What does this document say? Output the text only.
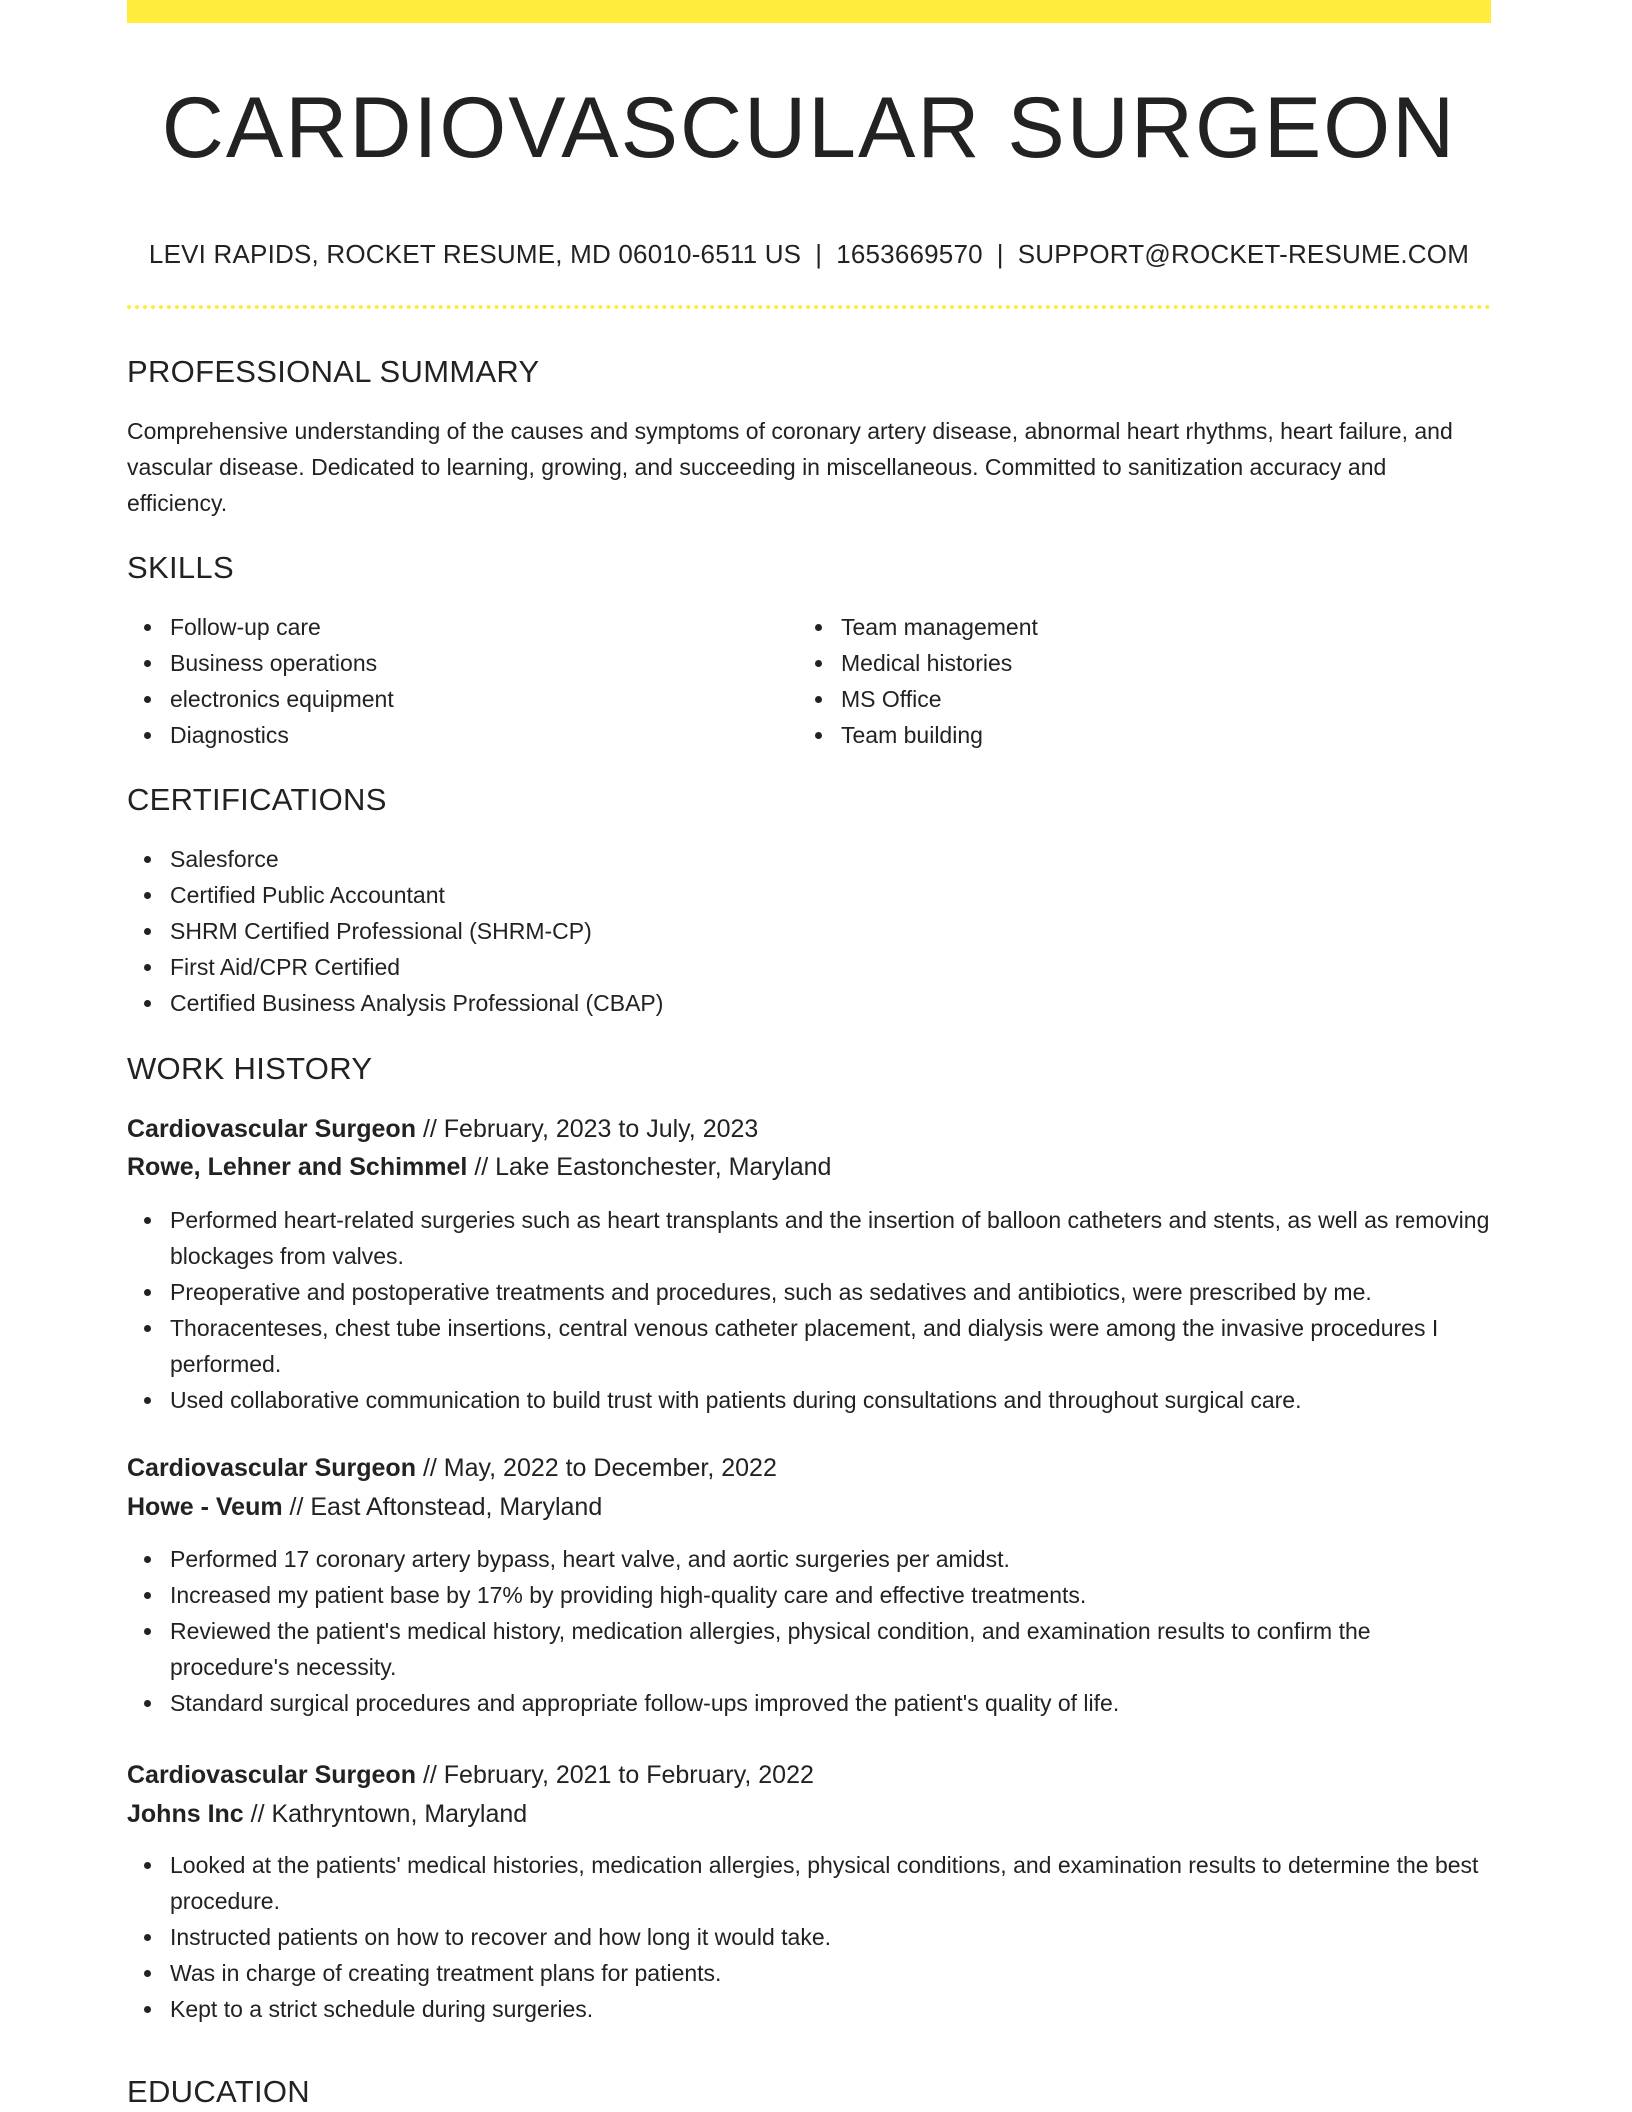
CARDIOVASCULAR SURGEON
LEVI RAPIDS, ROCKET RESUME, MD 06010-6511 US | 1653669570 | SUPPORT@ROCKET-RESUME.COM
PROFESSIONAL SUMMARY

Comprehensive understanding of the causes and symptoms of coronary artery disease, abnormal heart rhythms, heart failure, and vascular disease. Dedicated to learning, growing, and succeeding in miscellaneous. Committed to sanitization accuracy and efficiency.

SKILLS
Follow-up care
Business operations
electronics equipment
Diagnostics
Team management
Medical histories
MS Office
Team building
CERTIFICATIONS
Salesforce
Certified Public Accountant
SHRM Certified Professional (SHRM-CP)
First Aid/CPR Certified
Certified Business Analysis Professional (CBAP)
WORK HISTORY
Cardiovascular Surgeon // February, 2023 to July, 2023
Rowe, Lehner and Schimmel // Lake Eastonchester, Maryland
Performed heart-related surgeries such as heart transplants and the insertion of balloon catheters and stents, as well as removing blockages from valves.
Preoperative and postoperative treatments and procedures, such as sedatives and antibiotics, were prescribed by me.
Thoracenteses, chest tube insertions, central venous catheter placement, and dialysis were among the invasive procedures I performed.
Used collaborative communication to build trust with patients during consultations and throughout surgical care.
Cardiovascular Surgeon // May, 2022 to December, 2022
Howe - Veum // East Aftonstead, Maryland
Performed 17 coronary artery bypass, heart valve, and aortic surgeries per amidst.
Increased my patient base by 17% by providing high-quality care and effective treatments.
Reviewed the patient's medical history, medication allergies, physical condition, and examination results to confirm the procedure's necessity.
Standard surgical procedures and appropriate follow-ups improved the patient's quality of life.
Cardiovascular Surgeon // February, 2021 to February, 2022
Johns Inc // Kathryntown, Maryland
Looked at the patients' medical histories, medication allergies, physical conditions, and examination results to determine the best procedure.
Instructed patients on how to recover and how long it would take.
Was in charge of creating treatment plans for patients.
Kept to a strict schedule during surgeries.
EDUCATION
